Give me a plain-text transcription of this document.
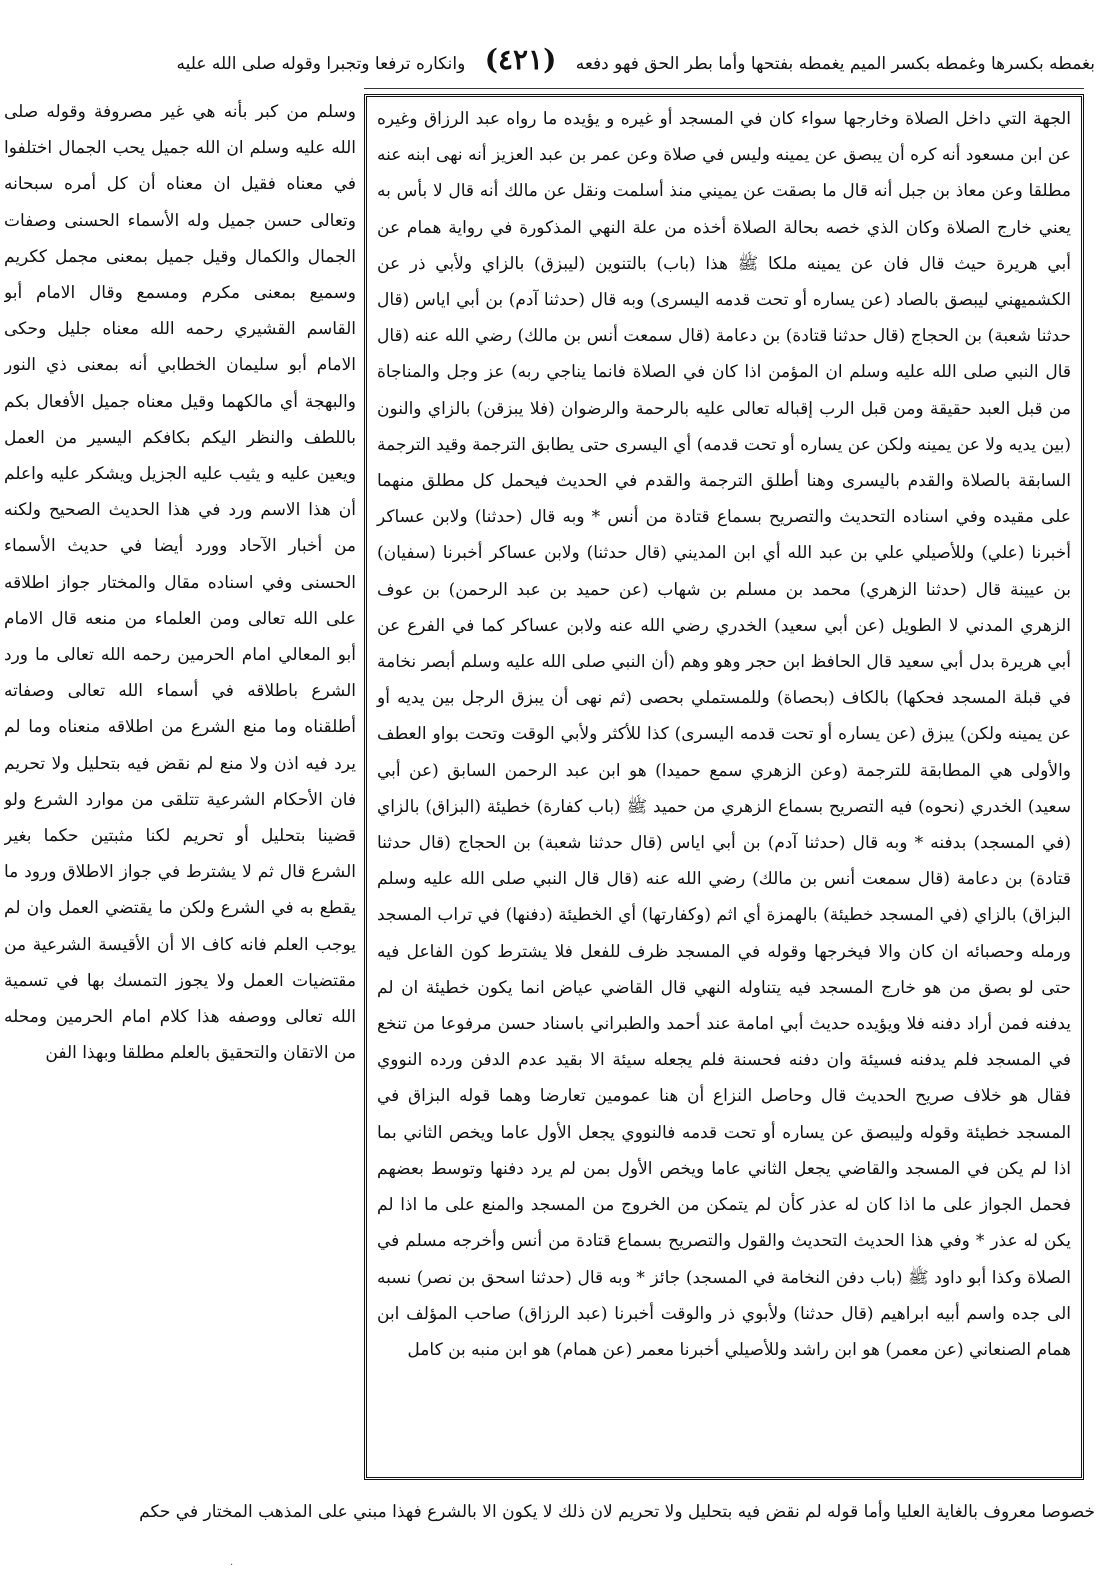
بغمطه بكسرها وغمطه بكسر الميم يغمطه بفتحها وأما بطر الحق فهو دفعه (٤٢١) وانكاره ترفعا وتجبرا وقوله صلى الله عليه

الجهة التي داخل الصلاة وخارجها سواء كان في المسجد أو غيره و يؤيده ما رواه عبد الرزاق وغيره عن ابن مسعود أنه كره أن يبصق عن يمينه وليس في صلاة وعن عمر بن عبد العزيز أنه نهى ابنه عنه مطلقا وعن معاذ بن جبل أنه قال ما بصقت عن يميني منذ أسلمت ونقل عن مالك أنه قال لا بأس به يعني خارج الصلاة وكان الذي خصه بحالة الصلاة أخذه من علة النهي المذكورة في رواية همام عن أبي هريرة حيث قال فان عن يمينه ملكا ﷺ هذا (باب) بالتنوين (ليبزق) بالزاي ولأبي ذر عن الكشميهني ليبصق بالصاد (عن يساره أو تحت قدمه اليسرى) وبه قال (حدثنا آدم) بن أبي اياس (قال حدثنا شعبة) بن الحجاج (قال حدثنا قتادة) بن دعامة (قال سمعت أنس بن مالك) رضي الله عنه (قال قال النبي صلى الله عليه وسلم ان المؤمن اذا كان في الصلاة فانما يناجي ربه) عز وجل والمناجاة من قبل العبد حقيقة ومن قبل الرب إقباله تعالى عليه بالرحمة والرضوان (فلا يبزقن) بالزاي والنون (بين يديه ولا عن يمينه ولكن عن يساره أو تحت قدمه) أي اليسرى حتى يطابق الترجمة وقيد الترجمة السابقة بالصلاة والقدم باليسرى وهنا أطلق الترجمة والقدم في الحديث فيحمل كل مطلق منهما على مقيده وفي اسناده التحديث والتصريح بسماع قتادة من أنس * وبه قال (حدثنا) ولابن عساكر أخبرنا (علي) وللأصيلي علي بن عبد الله أي ابن المديني (قال حدثنا) ولابن عساكر أخبرنا (سفيان) بن عيينة قال (حدثنا الزهري) محمد بن مسلم بن شهاب (عن حميد بن عبد الرحمن) بن عوف الزهري المدني لا الطويل (عن أبي سعيد) الخدري رضي الله عنه ولابن عساكر كما في الفرع عن أبي هريرة بدل أبي سعيد قال الحافظ ابن حجر وهو وهم (أن النبي صلى الله عليه وسلم أبصر نخامة في قبلة المسجد فحكها) بالكاف (بحصاة) وللمستملي بحصى (ثم نهى أن يبزق الرجل بين يديه أو عن يمينه ولكن) يبزق (عن يساره أو تحت قدمه اليسرى) كذا للأكثر ولأبي الوقت وتحت بواو العطف والأولى هي المطابقة للترجمة (وعن الزهري سمع حميدا) هو ابن عبد الرحمن السابق (عن أبي سعيد) الخدري (نحوه) فيه التصريح بسماع الزهري من حميد ﷺ (باب كفارة) خطيئة (البزاق) بالزاي (في المسجد) بدفنه * وبه قال (حدثنا آدم) بن أبي اياس (قال حدثنا شعبة) بن الحجاج (قال حدثنا قتادة) بن دعامة (قال سمعت أنس بن مالك) رضي الله عنه (قال قال النبي صلى الله عليه وسلم البزاق) بالزاي (في المسجد خطيئة) بالهمزة أي اثم (وكفارتها) أي الخطيئة (دفنها) في تراب المسجد ورمله وحصبائه ان كان والا فيخرجها وقوله في المسجد ظرف للفعل فلا يشترط كون الفاعل فيه حتى لو بصق من هو خارج المسجد فيه يتناوله النهي قال القاضي عياض انما يكون خطيئة ان لم يدفنه فمن أراد دفنه فلا ويؤيده حديث أبي امامة عند أحمد والطبراني باسناد حسن مرفوعا من تنخع في المسجد فلم يدفنه فسيئة وان دفنه فحسنة فلم يجعله سيئة الا بقيد عدم الدفن ورده النووي فقال هو خلاف صريح الحديث قال وحاصل النزاع أن هنا عمومين تعارضا وهما قوله البزاق في المسجد خطيئة وقوله وليبصق عن يساره أو تحت قدمه فالنووي يجعل الأول عاما ويخص الثاني بما اذا لم يكن في المسجد والقاضي يجعل الثاني عاما ويخص الأول بمن لم يرد دفنها وتوسط بعضهم فحمل الجواز على ما اذا كان له عذر كأن لم يتمكن من الخروج من المسجد والمنع على ما اذا لم يكن له عذر * وفي هذا الحديث التحديث والقول والتصريح بسماع قتادة من أنس وأخرجه مسلم في الصلاة وكذا أبو داود ﷺ (باب دفن النخامة في المسجد) جائز * وبه قال (حدثنا اسحق بن نصر) نسبه الى جده واسم أبيه ابراهيم (قال حدثنا) ولأبوي ذر والوقت أخبرنا (عبد الرزاق) صاحب المؤلف ابن همام الصنعاني (عن معمر) هو ابن راشد وللأصيلي أخبرنا معمر (عن همام) هو ابن منبه بن كامل

وسلم من كبر بأنه هي غير مصروفة وقوله صلى الله عليه وسلم ان الله جميل يحب الجمال اختلفوا في معناه فقيل ان معناه أن كل أمره سبحانه وتعالى حسن جميل وله الأسماء الحسنى وصفات الجمال والكمال وقيل جميل بمعنى مجمل ككريم وسميع بمعنى مكرم ومسمع وقال الامام أبو القاسم القشيري رحمه الله معناه جليل وحكى الامام أبو سليمان الخطابي أنه بمعنى ذي النور والبهجة أي مالكهما وقيل معناه جميل الأفعال بكم باللطف والنظر اليكم بكافكم اليسير من العمل ويعين عليه و يثيب عليه الجزيل ويشكر عليه واعلم أن هذا الاسم ورد في هذا الحديث الصحيح ولكنه من أخبار الآحاد وورد أيضا في حديث الأسماء الحسنى وفي اسناده مقال والمختار جواز اطلاقه على الله تعالى ومن العلماء من منعه قال الامام أبو المعالي امام الحرمين رحمه الله تعالى ما ورد الشرع باطلاقه في أسماء الله تعالى وصفاته أطلقناه وما منع الشرع من اطلاقه منعناه وما لم يرد فيه اذن ولا منع لم نقض فيه بتحليل ولا تحريم فان الأحكام الشرعية تتلقى من موارد الشرع ولو قضينا بتحليل أو تحريم لكنا مثبتين حكما بغير الشرع قال ثم لا يشترط في جواز الاطلاق ورود ما يقطع به في الشرع ولكن ما يقتضي العمل وان لم يوجب العلم فانه كاف الا أن الأقيسة الشرعية من مقتضيات العمل ولا يجوز التمسك بها في تسمية الله تعالى ووصفه هذا كلام امام الحرمين ومحله من الاتقان والتحقيق بالعلم مطلقا وبهذا الفن

خصوصا معروف بالغاية العليا وأما قوله لم نقض فيه بتحليل ولا تحريم لان ذلك لا يكون الا بالشرع فهذا مبني على المذهب المختار في حكم
·
